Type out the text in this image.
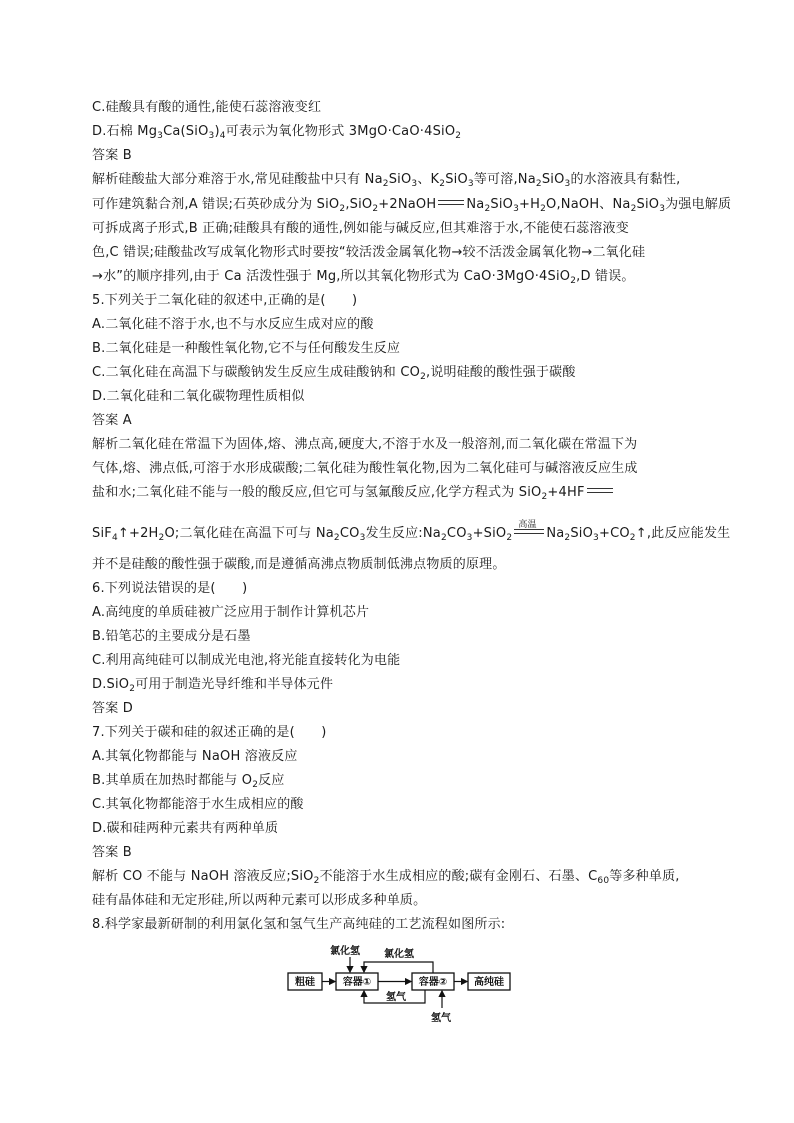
C.硅酸具有酸的通性,能使石蕊溶液变红
D.石棉 $Mg_3Ca(SiO_3)_4$可表示为氧化物形式 3MgO·CaO·4SiO$_2$
答案 B
解析硅酸盐大部分难溶于水,常见硅酸盐中只有 $Na_2SiO_3$、$K_2SiO_3$等可溶$,Na_2SiO_3$的水溶液具有黏性,
可作建筑黏合剂,A 错误;石英砂成分为 SiO$_2$,SiO$_2$+2NaOH $Na_2SiO_3+H_2O,NaOH$、$Na_2SiO_3$为强电解质
可拆成离子形式,B 正确;硅酸具有酸的通性,例如能与碱反应,但其难溶于水,不能使石蕊溶液变
色,C 错误;硅酸盐改写成氧化物形式时要按“较活泼金属氧化物→较不活泼金属氧化物→二氧化硅
→水”的顺序排列,由于 Ca 活泼性强于 Mg,所以其氧化物形式为 CaO·3MgO·4SiO$_2$,D 错误。
5.下列关于二氧化硅的叙述中,正确的是(　　)
A.二氧化硅不溶于水,也不与水反应生成对应的酸
B.二氧化硅是一种酸性氧化物,它不与任何酸发生反应
C.二氧化硅在高温下与碳酸钠发生反应生成硅酸钠和 $CO_2$,说明硅酸的酸性强于碳酸
D.二氧化硅和二氧化碳物理性质相似
答案 A
解析二氧化硅在常温下为固体,熔、沸点高,硬度大,不溶于水及一般溶剂,而二氧化碳在常温下为
气体,熔、沸点低,可溶于水形成碳酸;二氧化硅为酸性氧化物,因为二氧化硅可与碱溶液反应生成
盐和水;二氧化硅不能与一般的酸反应,但它可与氢氟酸反应,化学方程式为 SiO$_2$+4HF
$SiF_4↑+2H_2O$;二氧化硅在高温下可与 $Na_2CO_3$发生反应$:Na_2CO_3+SiO_2$
高温
$Na_2SiO_3+CO_2↑$,此反应能发生
并不是硅酸的酸性强于碳酸,而是遵循高沸点物质制低沸点物质的原理。
6.下列说法错误的是(　　)
A.高纯度的单质硅被广泛应用于制作计算机芯片
B.铅笔芯的主要成分是石墨
C.利用高纯硅可以制成光电池,将光能直接转化为电能
D.SiO$_2$可用于制造光导纤维和半导体元件
答案 D
7.下列关于碳和硅的叙述正确的是(　　)
A.其氧化物都能与 NaOH 溶液反应
B.其单质在加热时都能与 $O_2$反应
C.其氧化物都能溶于水生成相应的酸
D.碳和硅两种元素共有两种单质
答案 B
解析 CO 不能与 NaOH 溶液反应;SiO$_2$不能溶于水生成相应的酸;碳有金刚石、石墨、$C_{60}$等多种单质,
硅有晶体硅和无定形硅,所以两种元素可以形成多种单质。
8.科学家最新研制的利用氯化氢和氢气生产高纯硅的工艺流程如图所示:
粗硅	容器①	容器②	高纯硅
氯化氢 氯化氢
氢气
氢气
